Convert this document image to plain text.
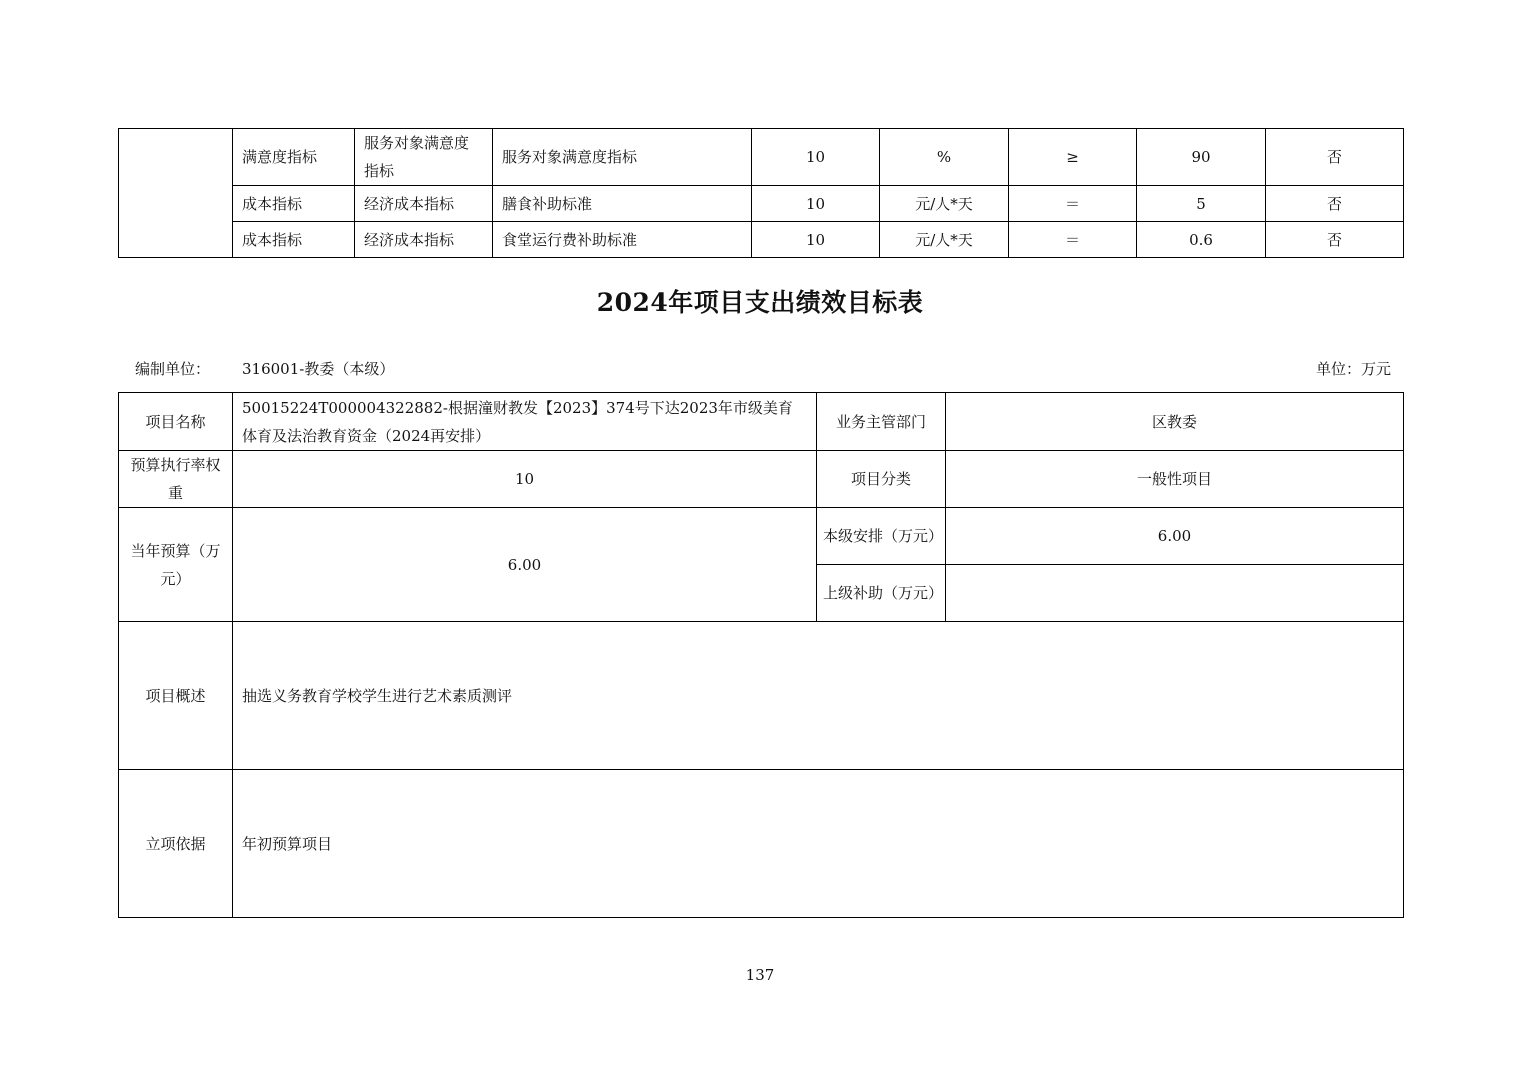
	满意度指标	服务对象满意度指标	服务对象满意度指标	10	%	≥	90	否
	成本指标	经济成本指标	膳食补助标准	10	元/人*天	＝	5	否
	成本指标	经济成本指标	食堂运行费补助标准	10	元/人*天	＝	0.6	否
2024年项目支出绩效目标表
编制单位： 316001-教委（本级）	单位：万元
项目名称	50015224T000004322882-根据潼财教发【2023】374号下达2023年市级美育体育及法治教育资金（2024再安排）	业务主管部门	区教委
预算执行率权重	10	项目分类	一般性项目
当年预算（万元）	6.00	本级安排（万元）	6.00
		上级补助（万元）	
项目概述	抽选义务教育学校学生进行艺术素质测评		
立项依据	年初预算项目		
137
